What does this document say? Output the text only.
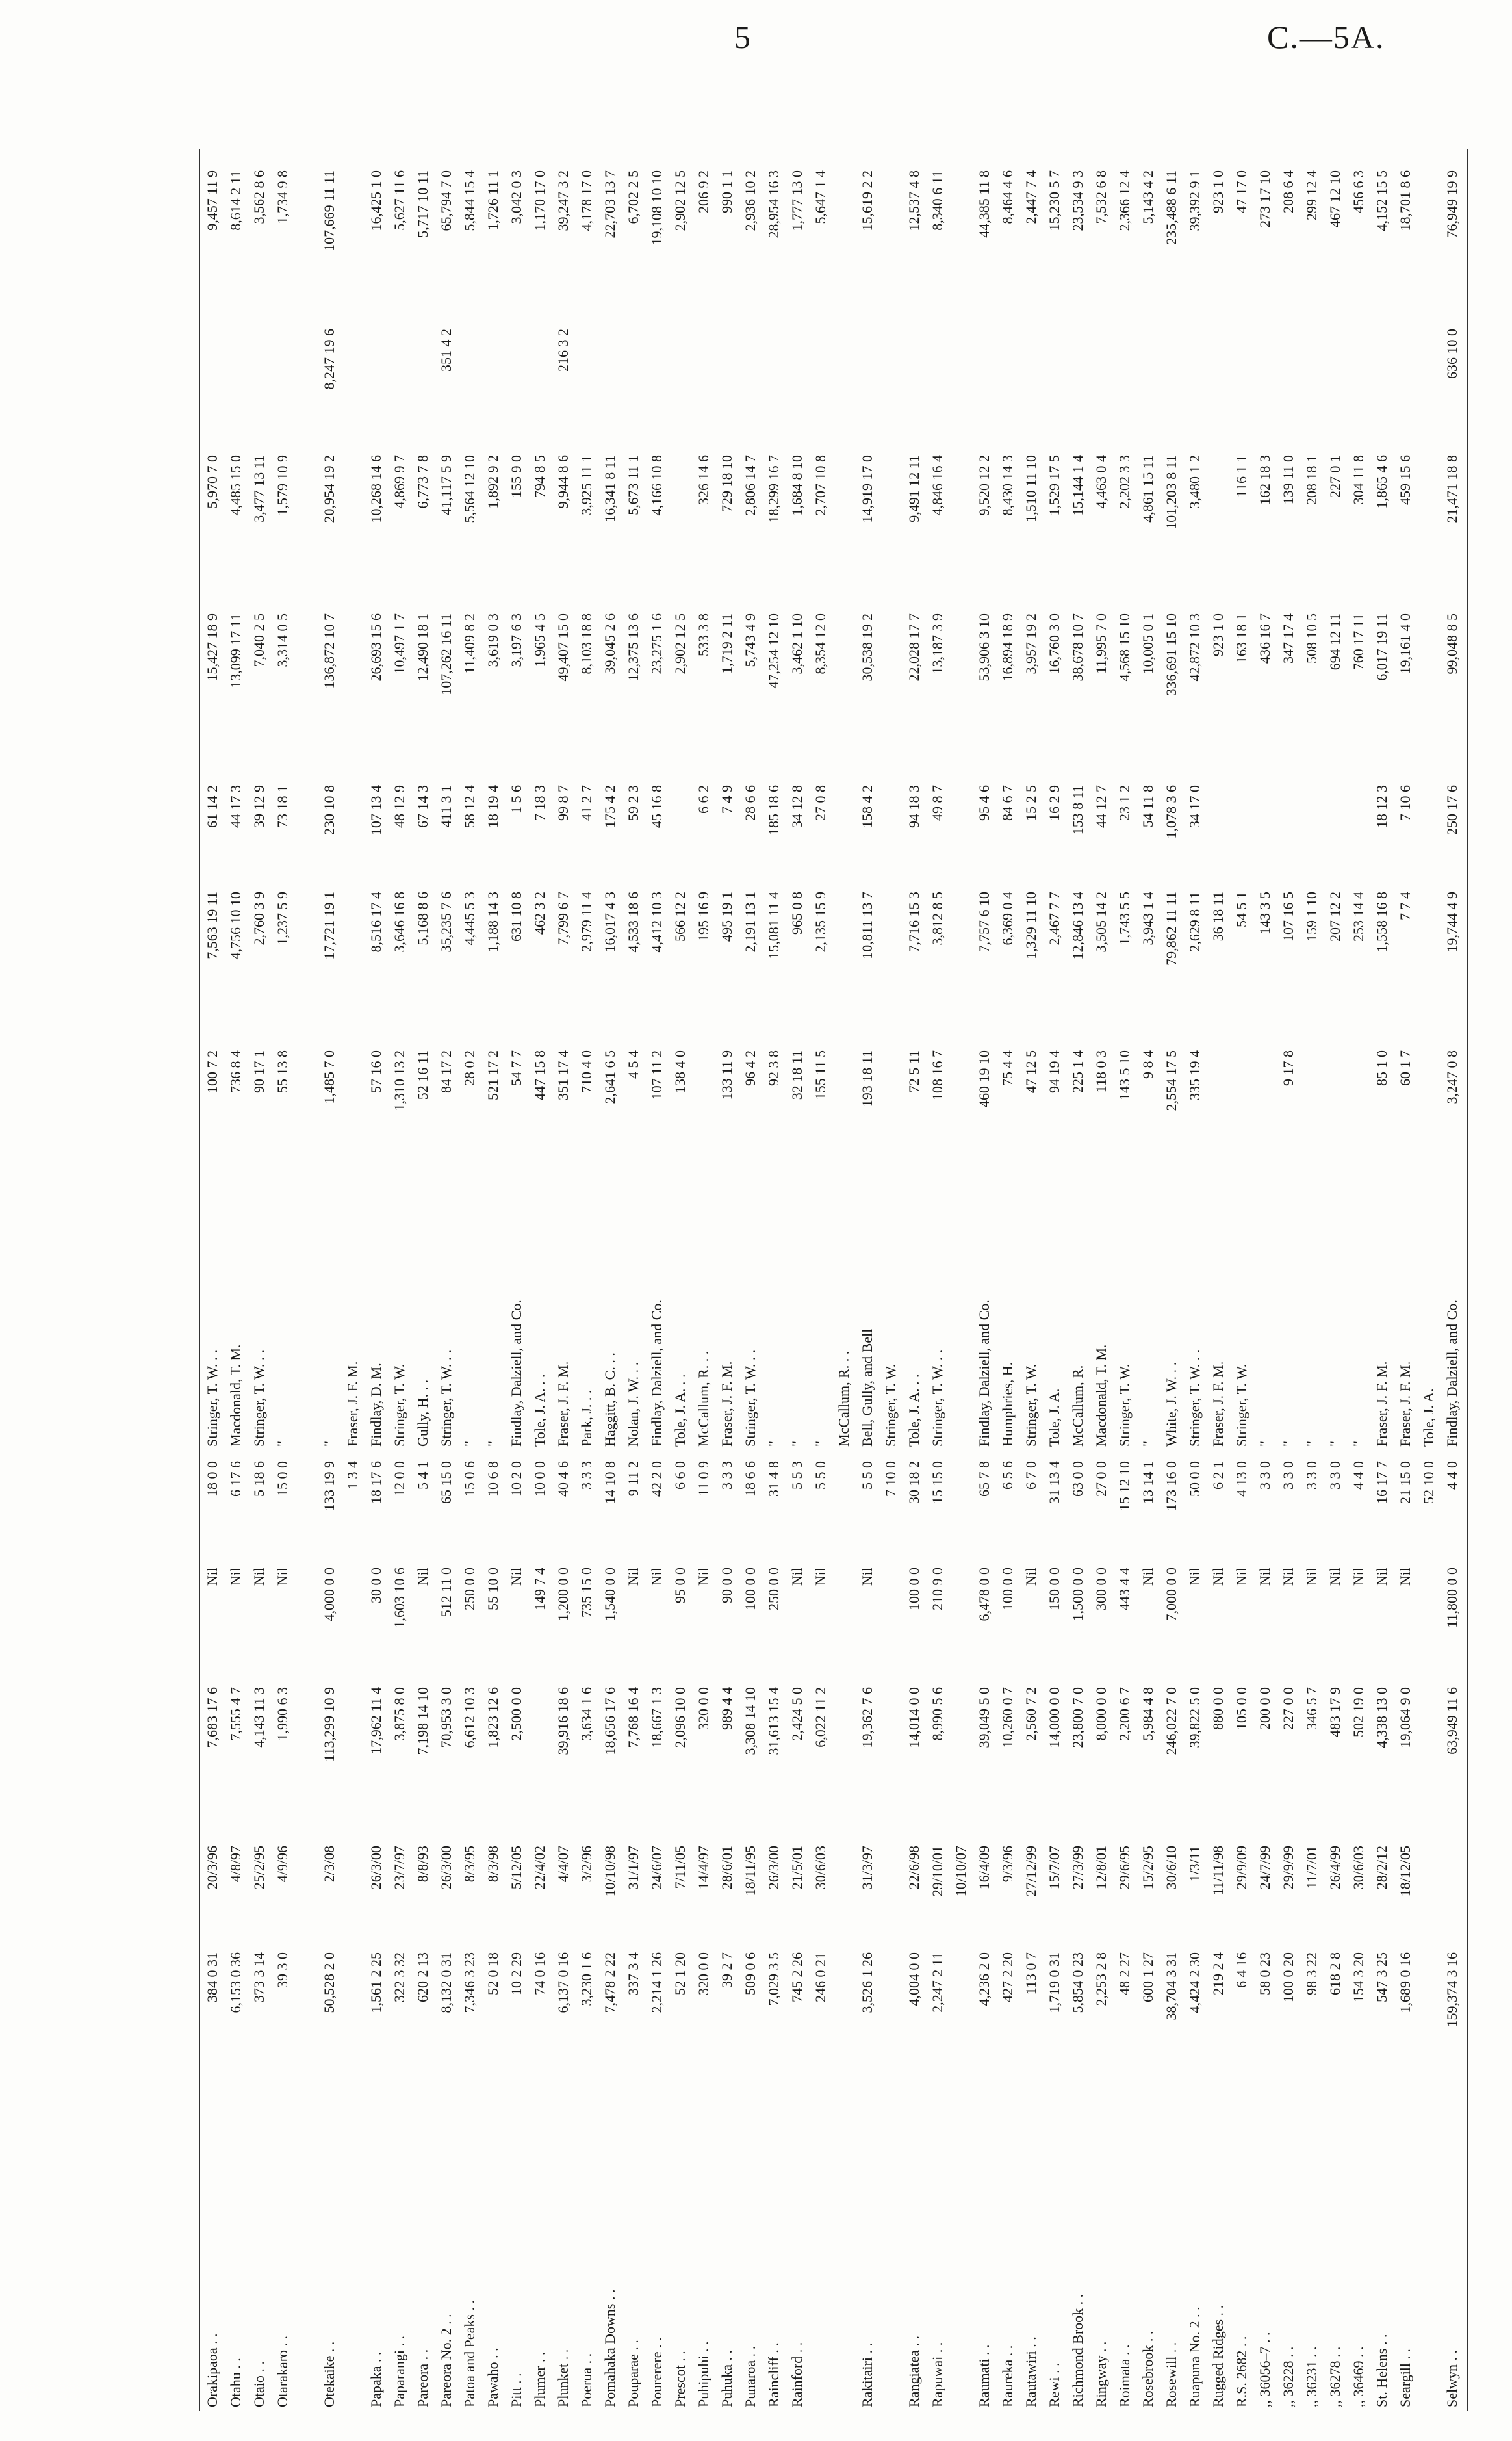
5	C.—5A.
Orakipaoa . .
384 0 31
20/3/96
7,683 17 6
Nil
18 0 0
Stringer, T. W. . .
100 7 2
7,563 19 11
61 14 2
15,427 18 9
5,970 7 0
9,457 11 9
Otahu . .
6,153 0 36
4/8/97
7,555 4 7
Nil
6 17 6
Macdonald, T. M.
736 8 4
4,756 10 10
44 17 3
13,099 17 11
4,485 15 0
8,614 2 11
Otaio . .
373 3 14
25/2/95
4,143 11 3
Nil
5 18 6
Stringer, T. W. . .
90 17 1
2,760 3 9
39 12 9
7,040 2 5
3,477 13 11
3,562 8 6
Otarakaro . .
39 3 0
4/9/96
1,990 6 3
Nil
15 0 0
"
55 13 8
1,237 5 9
73 18 1
3,314 0 5
1,579 10 9
1,734 9 8
Otekaike . .
50,528 2 0
2/3/08
113,299 10 9
4,000 0 0
133 19 9
"
1,485 7 0
17,721 19 1
230 10 8
136,872 10 7
20,954 19 2
8,247 19 6
107,669 11 11
1 3 4
Fraser, J. F. M.
Papaka . .
1,561 2 25
26/3/00
17,962 11 4
30 0 0
18 17 6
Findlay, D. M.
57 16 0
8,516 17 4
107 13 4
26,693 15 6
10,268 14 6
16,425 1 0
Paparangi . .
322 3 32
23/7/97
3,875 8 0
1,603 10 6
12 0 0
Stringer, T. W.
1,310 13 2
3,646 16 8
48 12 9
10,497 1 7
4,869 9 7
5,627 11 6
Pareora . .
620 2 13
8/8/93
7,198 14 10
Nil
5 4 1
Gully, H. . .
52 16 11
5,168 8 6
67 14 3
12,490 18 1
6,773 7 8
5,717 10 11
Pareora No. 2 . .
8,132 0 31
26/3/00
70,953 3 0
512 11 0
65 15 0
Stringer, T. W. . .
84 17 2
35,235 7 6
411 3 1
107,262 16 11
41,117 5 9
351 4 2
65,794 7 0
Patoa and Peaks . .
7,346 3 23
8/3/95
6,612 10 3
250 0 0
15 0 6
"
28 0 2
4,445 5 3
58 12 4
11,409 8 2
5,564 12 10
5,844 15 4
Pawaho . .
52 0 18
8/3/98
1,823 12 6
55 10 0
10 6 8
"
521 17 2
1,188 14 3
18 19 4
3,619 0 3
1,892 9 2
1,726 11 1
Pitt . .
10 2 29
5/12/05
2,500 0 0
Nil
10 2 0
Findlay, Dalziell, and Co.
54 7 7
631 10 8
1 5 6
3,197 6 3
155 9 0
3,042 0 3
Plumer . .
74 0 16
22/4/02
149 7 4
10 0 0
Tole, J. A. . .
447 15 8
462 3 2
7 18 3
1,965 4 5
794 8 5
1,170 17 0
Plunket . .
6,137 0 16
4/4/07
39,916 18 6
1,200 0 0
40 4 6
Fraser, J. F. M.
351 17 4
7,799 6 7
99 8 7
49,407 15 0
9,944 8 6
216 3 2
39,247 3 2
Poerua . .
3,230 1 6
3/2/96
3,634 1 6
735 15 0
3 3 3
Park, J. . .
710 4 0
2,979 11 4
41 2 7
8,103 18 8
3,925 11 1
4,178 17 0
Pomahaka Downs . .
7,478 2 22
10/10/98
18,656 17 6
1,540 0 0
14 10 8
Haggitt, B. C. . .
2,641 6 5
16,017 4 3
175 4 2
39,045 2 6
16,341 8 11
22,703 13 7
Pouparae . .
337 3 4
31/1/97
7,768 16 4
Nil
9 11 2
Nolan, J. W. . .
4 5 4
4,533 18 6
59 2 3
12,375 13 6
5,673 11 1
6,702 2 5
Pourerere . .
2,214 1 26
24/6/07
18,667 1 3
Nil
42 2 0
Findlay, Dalziell, and Co.
107 11 2
4,412 10 3
45 16 8
23,275 1 6
4,166 10 8
19,108 10 10
Prescot . .
52 1 20
7/11/05
2,096 10 0
95 0 0
6 6 0
Tole, J. A. . .
138 4 0
566 12 2
2,902 12 5
2,902 12 5
Puhipuhi . .
320 0 0
14/4/97
320 0 0
Nil
11 0 9
McCallum, R. . .
195 16 9
6 6 2
533 3 8
326 14 6
206 9 2
Puhuka . .
39 2 7
28/6/01
989 4 4
90 0 0
3 3 3
Fraser, J. F. M.
133 11 9
495 19 1
7 4 9
1,719 2 11
729 18 10
990 1 1
Punaroa . .
509 0 6
18/11/95
3,308 14 10
100 0 0
18 6 6
Stringer, T. W. . .
96 4 2
2,191 13 1
28 6 6
5,743 4 9
2,806 14 7
2,936 10 2
Raincliff . .
7,029 3 5
26/3/00
31,613 15 4
250 0 0
31 4 8
"
92 3 8
15,081 11 4
185 18 6
47,254 12 10
18,299 16 7
28,954 16 3
Rainford . .
745 2 26
21/5/01
2,424 5 0
Nil
5 5 3
"
32 18 11
965 0 8
34 12 8
3,462 1 10
1,684 8 10
1,777 13 0
246 0 21
30/6/03
6,022 11 2
Nil
5 5 0
"
155 11 5
2,135 15 9
27 0 8
8,354 12 0
2,707 10 8
5,647 1 4
McCallum, R. . .
Rakitairi . .
3,526 1 26
31/3/97
19,362 7 6
Nil
5 5 0
Bell, Gully, and Bell
193 18 11
10,811 13 7
158 4 2
30,538 19 2
14,919 17 0
15,619 2 2
7 10 0
Stringer, T. W.
Rangiatea . .
4,004 0 0
22/6/98
14,014 0 0
100 0 0
30 18 2
Tole, J. A. . .
72 5 11
7,716 15 3
94 18 3
22,028 17 7
9,491 12 11
12,537 4 8
Rapuwai . .
2,247 2 11
29/10/01
8,990 5 6
210 9 0
15 15 0
Stringer, T. W. . .
108 16 7
3,812 8 5
49 8 7
13,187 3 9
4,846 16 4
8,340 6 11
10/10/07
Raumati . .
4,236 2 0
16/4/09
39,049 5 0
6,478 0 0
65 7 8
Findlay, Dalziell, and Co.
460 19 10
7,757 6 10
95 4 6
53,906 3 10
9,520 12 2
44,385 11 8
Raureka . .
427 2 20
9/3/96
10,260 0 7
100 0 0
6 5 6
Humphries, H.
75 4 4
6,369 0 4
84 6 7
16,894 18 9
8,430 14 3
8,464 4 6
Rautawiri . .
113 0 7
27/12/99
2,560 7 2
Nil
6 7 0
Stringer, T. W.
47 12 5
1,329 11 10
15 2 5
3,957 19 2
1,510 11 10
2,447 7 4
Rewi . .
1,719 0 31
15/7/07
14,000 0 0
150 0 0
31 13 4
Tole, J. A.
94 19 4
2,467 7 7
16 2 9
16,760 3 0
1,529 17 5
15,230 5 7
Richmond Brook . .
5,854 0 23
27/3/99
23,800 7 0
1,500 0 0
63 0 0
McCallum, R.
225 1 4
12,846 13 4
153 8 11
38,678 10 7
15,144 1 4
23,534 9 3
Ringway . .
2,253 2 8
12/8/01
8,000 0 0
300 0 0
27 0 0
Macdonald, T. M.
118 0 3
3,505 14 2
44 12 7
11,995 7 0
4,463 0 4
7,532 6 8
Roimata . .
48 2 27
29/6/95
2,200 6 7
443 4 4
15 12 10
Stringer, T. W.
143 5 10
1,743 5 5
23 1 2
4,568 15 10
2,202 3 3
2,366 12 4
Rosebrook . .
600 1 27
15/2/95
5,984 4 8
Nil
13 14 1
"
9 8 4
3,943 1 4
54 11 8
10,005 0 1
4,861 15 11
5,143 4 2
Rosewill . .
38,704 3 31
30/6/10
246,022 7 0
7,000 0 0
173 16 0
White, J. W. . .
2,554 17 5
79,862 11 11
1,078 3 6
336,691 15 10
101,203 8 11
235,488 6 11
Ruapuna No. 2 . .
4,424 2 30
1/3/11
39,822 5 0
Nil
50 0 0
Stringer, T. W. . .
335 19 4
2,629 8 11
34 17 0
42,872 10 3
3,480 1 2
39,392 9 1
Rugged Ridges . .
219 2 4
11/11/98
880 0 0
Nil
6 2 1
Fraser, J. F. M.
36 18 11
923 1 0
923 1 0
R.S. 2682 . .
6 4 16
29/9/09
105 0 0
Nil
4 13 0
Stringer, T. W.
54 5 1
163 18 1
116 1 1
47 17 0
,, 36056–7 . .
58 0 23
24/7/99
200 0 0
Nil
3 3 0
"
143 3 5
436 16 7
162 18 3
273 17 10
,, 36228 . .
100 0 20
29/9/99
227 0 0
Nil
3 3 0
"
9 17 8
107 16 5
347 17 4
139 11 0
208 6 4
,, 36231 . .
98 3 22
11/7/01
346 5 7
Nil
3 3 0
"
159 1 10
508 10 5
208 18 1
299 12 4
,, 36278 . .
618 2 8
26/4/99
483 17 9
Nil
3 3 0
"
207 12 2
694 12 11
227 0 1
467 12 10
,, 36469 . .
154 3 20
30/6/03
502 19 0
Nil
4 4 0
"
253 14 4
760 17 11
304 11 8
456 6 3
St. Helens . .
547 3 25
28/2/12
4,338 13 0
Nil
16 17 7
Fraser, J. F. M.
85 1 0
1,558 16 8
18 12 3
6,017 19 11
1,865 4 6
4,152 15 5
Seargill . .
1,689 0 16
18/12/05
19,064 9 0
Nil
21 15 0
Fraser, J. F. M.
60 1 7
7 7 4
7 10 6
19,161 4 0
459 15 6
18,701 8 6
52 10 0
Tole, J. A.
Selwyn . .
159,374 3 16
63,949 11 6
11,800 0 0
4 4 0
Findlay, Dalziell, and Co.
3,247 0 8
19,744 4 9
250 17 6
99,048 8 5
21,471 18 8
636 10 0
76,949 19 9
